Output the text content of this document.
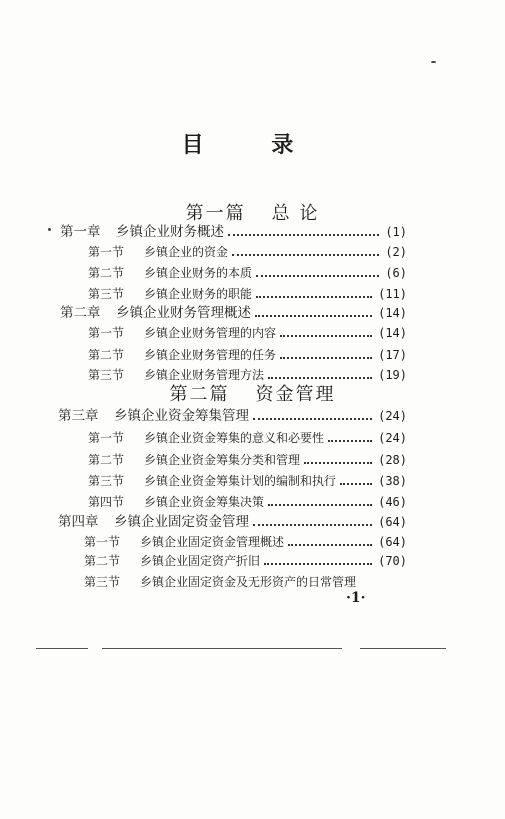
目 录
第一篇 总 论
第一章	乡镇企业财务概述	(1)
第一节	乡镇企业的资金	(2)
第二节	乡镇企业财务的本质	(6)
第三节	乡镇企业财务的职能	(11)
第二章	乡镇企业财务管理概述	(14)
第一节	乡镇企业财务管理的内容	(14)
第二节	乡镇企业财务管理的任务	(17)
第三节	乡镇企业财务管理方法	(19)
第二篇 资金管理
第三章	乡镇企业资金筹集管理	(24)
第一节	乡镇企业资金筹集的意义和必要性	(24)
第二节	乡镇企业资金筹集分类和管理	(28)
第三节	乡镇企业资金筹集计划的编制和执行	(38)
第四节	乡镇企业资金筹集决策	(46)
第四章	乡镇企业固定资金管理	(64)
第一节	乡镇企业固定资金管理概述	(64)
第二节	乡镇企业固定资产折旧	(70)
第三节	乡镇企业固定资金及无形资产的日常管理
·1·
